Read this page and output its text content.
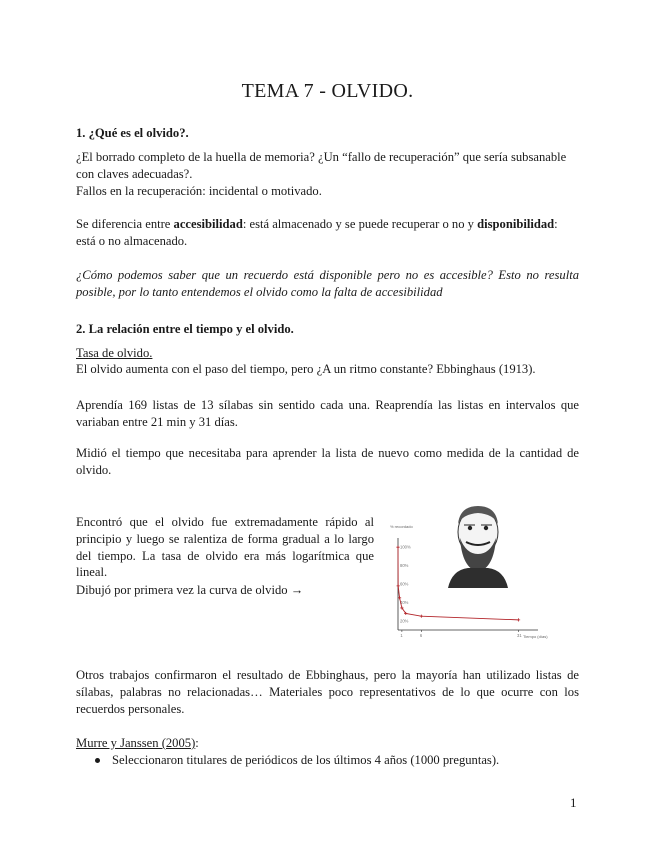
TEMA 7 - OLVIDO.
1. ¿Qué es el olvido?.
¿El borrado completo de la huella de memoria? ¿Un “fallo de recuperación” que sería subsanable con claves adecuadas?.
Fallos en la recuperación: incidental o motivado.
Se diferencia entre accesibilidad: está almacenado y se puede recuperar o no y disponibilidad: está o no almacenado.
¿Cómo podemos saber que un recuerdo está disponible pero no es accesible? Esto no resulta posible, por lo tanto entendemos el olvido como la falta de accesibilidad
2. La relación entre el tiempo y el olvido.
Tasa de olvido.
El olvido aumenta con el paso del tiempo, pero ¿A un ritmo constante? Ebbinghaus (1913).
Aprendía 169 listas de 13 sílabas sin sentido cada una. Reaprendía las listas en intervalos que variaban entre 21 min y 31 días.
Midió el tiempo que necesitaba para aprender la lista de nuevo como medida de la cantidad de olvido.
Encontró que el olvido fue extremadamente rápido al principio y luego se ralentiza de forma gradual a lo largo del tiempo. La tasa de olvido era más logarítmica que lineal.
Dibujó por primera vez la curva de olvido →
% recordado
100%
80%
60%
40%
20%
1	6	31 Tiempo (días)
Otros trabajos confirmaron el resultado de Ebbinghaus, pero la mayoría han utilizado listas de sílabas, palabras no relacionadas… Materiales poco representativos de lo que ocurre con los recuerdos personales.
Murre y Janssen (2005):
Seleccionaron titulares de periódicos de los últimos 4 años (1000 preguntas).
1
